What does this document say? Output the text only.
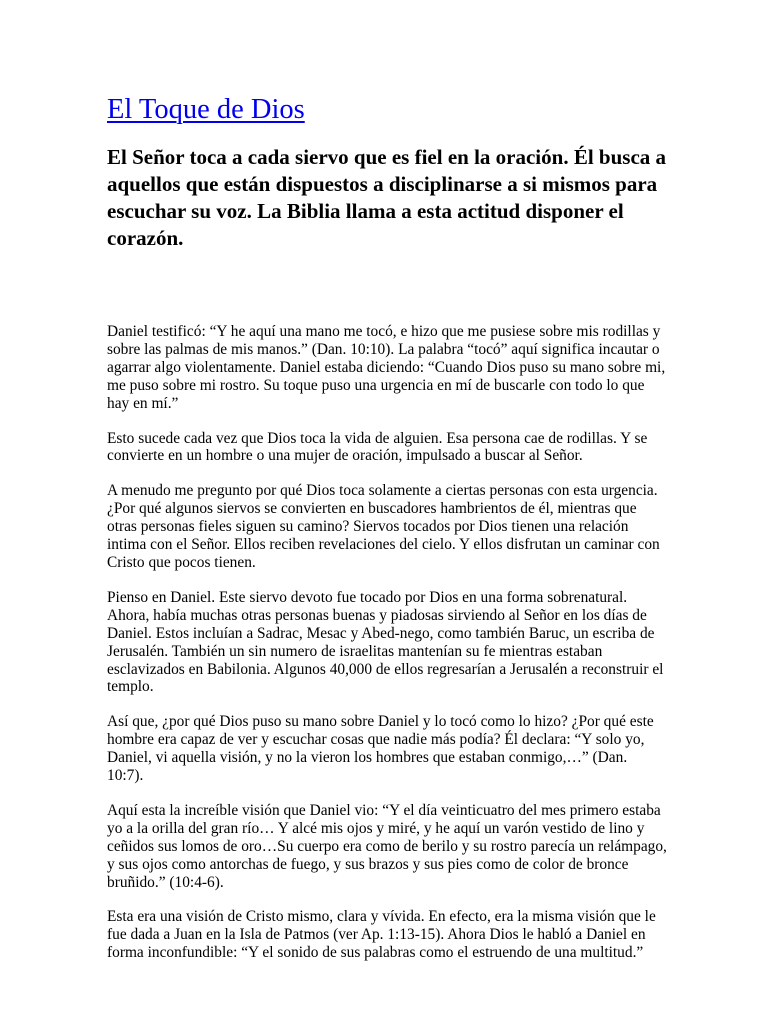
El Toque de Dios

El Señor toca a cada siervo que es fiel en la oración. Él busca a aquellos que están dispuestos a disciplinarse a si mismos para escuchar su voz. La Biblia llama a esta actitud disponer el corazón.

Daniel testificó: “Y he aquí una mano me tocó, e hizo que me pusiese sobre mis rodillas y sobre las palmas de mis manos.” (Dan. 10:10). La palabra “tocó” aquí significa incautar o agarrar algo violentamente. Daniel estaba diciendo: “Cuando Dios puso su mano sobre mi, me puso sobre mi rostro. Su toque puso una urgencia en mí de buscarle con todo lo que hay en mí.”

Esto sucede cada vez que Dios toca la vida de alguien. Esa persona cae de rodillas. Y se convierte en un hombre o una mujer de oración, impulsado a buscar al Señor.

A menudo me pregunto por qué Dios toca solamente a ciertas personas con esta urgencia. ¿Por qué algunos siervos se convierten en buscadores hambrientos de él, mientras que otras personas fieles siguen su camino? Siervos tocados por Dios tienen una relación intima con el Señor. Ellos reciben revelaciones del cielo. Y ellos disfrutan un caminar con Cristo que pocos tienen.

Pienso en Daniel. Este siervo devoto fue tocado por Dios en una forma sobrenatural. Ahora, había muchas otras personas buenas y piadosas sirviendo al Señor en los días de Daniel. Estos incluían a Sadrac, Mesac y Abed-nego, como también Baruc, un escriba de Jerusalén. También un sin numero de israelitas mantenían su fe mientras estaban esclavizados en Babilonia. Algunos 40,000 de ellos regresarían a Jerusalén a reconstruir el templo.

Así que, ¿por qué Dios puso su mano sobre Daniel y lo tocó como lo hizo? ¿Por qué este hombre era capaz de ver y escuchar cosas que nadie más podía? Él declara: “Y solo yo, Daniel, vi aquella visión, y no la vieron los hombres que estaban conmigo,…” (Dan. 10:7).

Aquí esta la increíble visión que Daniel vio: “Y el día veinticuatro del mes primero estaba yo a la orilla del gran río… Y alcé mis ojos y miré, y he aquí un varón vestido de lino y ceñidos sus lomos de oro…Su cuerpo era como de berilo y su rostro parecía un relámpago, y sus ojos como antorchas de fuego, y sus brazos y sus pies como de color de bronce bruñido.” (10:4-6).

Esta era una visión de Cristo mismo, clara y vívida. En efecto, era la misma visión que le fue dada a Juan en la Isla de Patmos (ver Ap. 1:13-15). Ahora Dios le habló a Daniel en forma inconfundible: “Y el sonido de sus palabras como el estruendo de una multitud.”
